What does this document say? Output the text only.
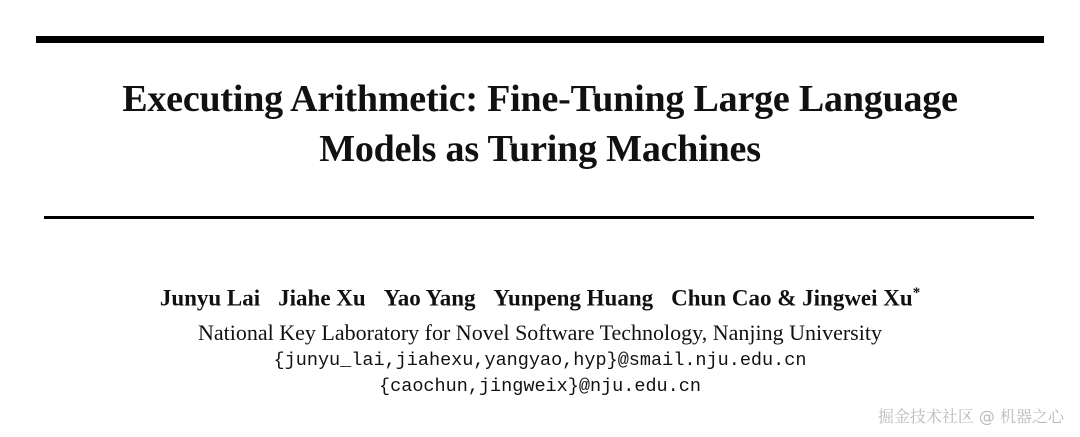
Executing Arithmetic: Fine-Tuning Large Language
Models as Turing Machines
Junyu Lai Jiahe Xu Yao Yang Yunpeng Huang Chun Cao & Jingwei Xu*
National Key Laboratory for Novel Software Technology, Nanjing University
{junyu_lai,jiahexu,yangyao,hyp}@smail.nju.edu.cn
{caochun,jingweix}@nju.edu.cn
掘金技术社区 @ 机器之心
